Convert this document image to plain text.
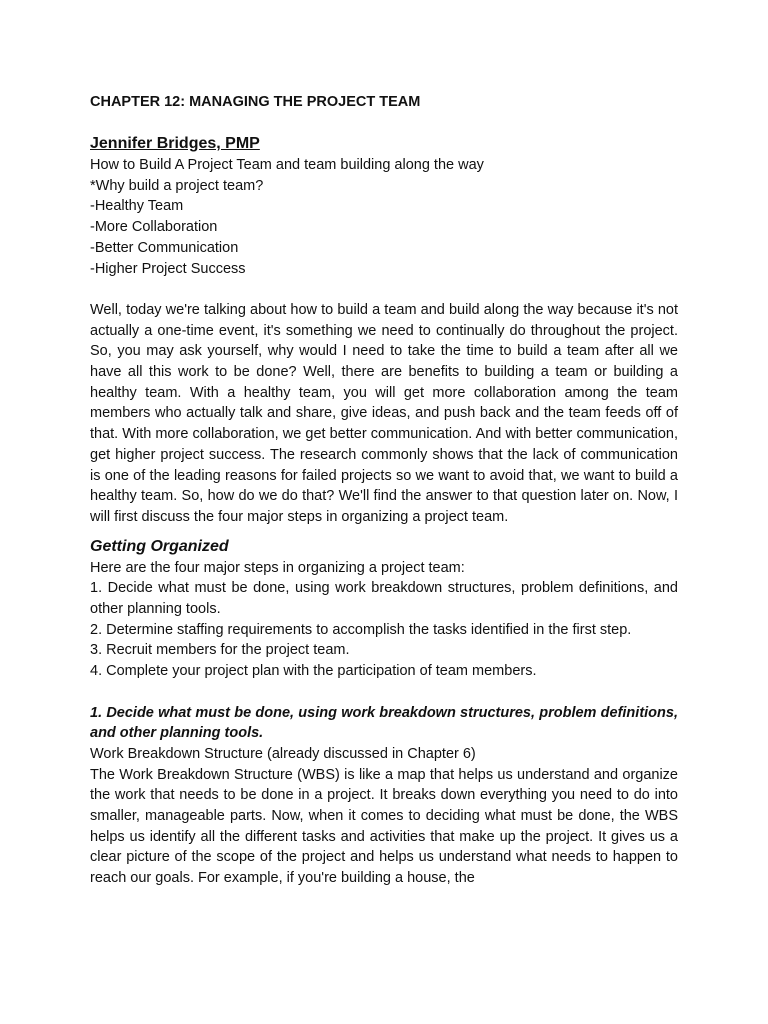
CHAPTER 12: MANAGING THE PROJECT TEAM

Jennifer Bridges, PMP

How to Build A Project Team and team building along the way

*Why build a project team?

-Healthy Team

-More Collaboration

-Better Communication

-Higher Project Success

Well, today we're talking about how to build a team and build along the way because it's not actually a one-time event, it's something we need to continually do throughout the project. So, you may ask yourself, why would I need to take the time to build a team after all we have all this work to be done? Well, there are benefits to building a team or building a healthy team. With a healthy team, you will get more collaboration among the team members who actually talk and share, give ideas, and push back and the team feeds off of that. With more collaboration, we get better communication. And with better communication, get higher project success. The research commonly shows that the lack of communication is one of the leading reasons for failed projects so we want to avoid that, we want to build a healthy team. So, how do we do that? We'll find the answer to that question later on. Now, I will first discuss the four major steps in organizing a project team.

Getting Organized

Here are the four major steps in organizing a project team:

1. Decide what must be done, using work breakdown structures, problem definitions, and other planning tools.

2. Determine staffing requirements to accomplish the tasks identified in the first step.

3. Recruit members for the project team.

4. Complete your project plan with the participation of team members.

1. Decide what must be done, using work breakdown structures, problem definitions, and other planning tools.

Work Breakdown Structure (already discussed in Chapter 6)

The Work Breakdown Structure (WBS) is like a map that helps us understand and organize the work that needs to be done in a project. It breaks down everything you need to do into smaller, manageable parts. Now, when it comes to deciding what must be done, the WBS helps us identify all the different tasks and activities that make up the project. It gives us a clear picture of the scope of the project and helps us understand what needs to happen to reach our goals. For example, if you're building a house, the
